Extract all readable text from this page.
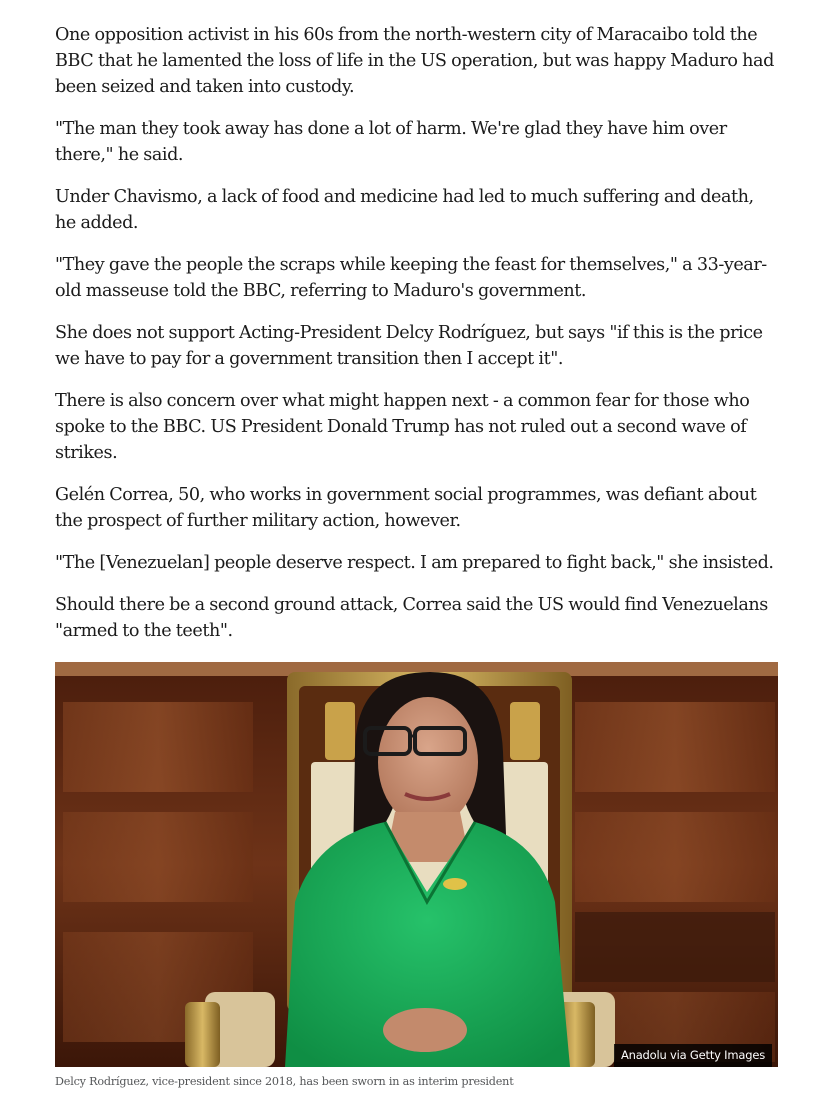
One opposition activist in his 60s from the north-western city of Maracaibo told the BBC that he lamented the loss of life in the US operation, but was happy Maduro had been seized and taken into custody.

"The man they took away has done a lot of harm. We're glad they have him over there," he said.

Under Chavismo, a lack of food and medicine had led to much suffering and death, he added.

"They gave the people the scraps while keeping the feast for themselves," a 33-year-old masseuse told the BBC, referring to Maduro's government.

She does not support Acting-President Delcy Rodríguez, but says "if this is the price we have to pay for a government transition then I accept it".

There is also concern over what might happen next - a common fear for those who spoke to the BBC. US President Donald Trump has not ruled out a second wave of strikes.

Gelén Correa, 50, who works in government social programmes, was defiant about the prospect of further military action, however.

"The [Venezuelan] people deserve respect. I am prepared to fight back," she insisted.

Should there be a second ground attack, Correa said the US would find Venezuelans "armed to the teeth".

Anadolu via Getty Images
Delcy Rodríguez, vice-president since 2018, has been sworn in as interim president
